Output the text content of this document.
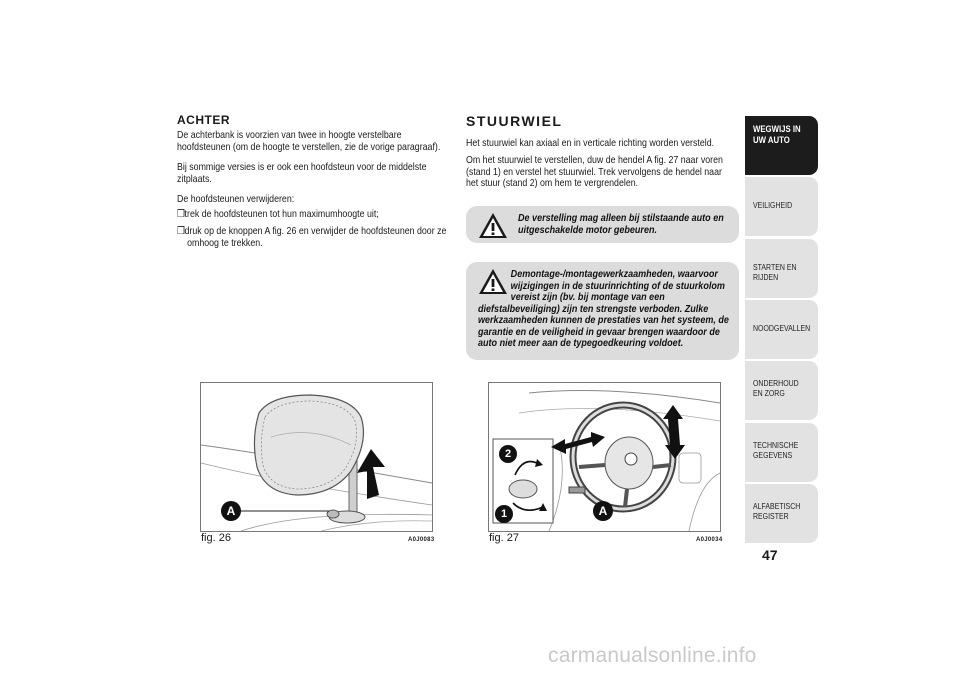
ACHTER
De achterbank is voorzien van twee in hoogte verstelbare hoofdsteunen (om de hoogte te verstellen, zie de vorige paragraaf).
Bij sommige versies is er ook een hoofdsteun voor de middelste zitplaats.
De hoofdsteunen verwijderen:
❒trek de hoofdsteunen tot hun maximumhoogte uit;
❒druk op de knoppen A fig. 26 en verwijder de hoofdsteunen door ze omhoog te trekken.
STUURWIEL
Het stuurwiel kan axiaal en in verticale richting worden versteld.
Om het stuurwiel te verstellen, duw de hendel A fig. 27 naar voren (stand 1) en verstel het stuurwiel. Trek vervolgens de hendel naar het stuur (stand 2) om hem te vergrendelen.
De verstelling mag alleen bij stilstaande auto en uitgeschakelde motor gebeuren.
Demontage-/montagewerkzaamheden, waarvoor wijzigingen in de stuurinrichting of de stuurkolom vereist zijn (bv. bij montage van een diefstalbeveiliging) zijn ten strengste verboden. Zulke werkzaamheden kunnen de prestaties van het systeem, de garantie en de veiligheid in gevaar brengen waardoor de auto niet meer aan de typegoedkeuring voldoet.
A
fig. 26	A0J0083
2
1	A
fig. 27	A0J0034
WEGWIJS IN UW AUTO
VEILIGHEID
STARTEN EN RIJDEN
NOODGEVALLEN
ONDERHOUD EN ZORG
TECHNISCHE GEGEVENS
ALFABETISCH REGISTER
47
carmanualsonline.info
